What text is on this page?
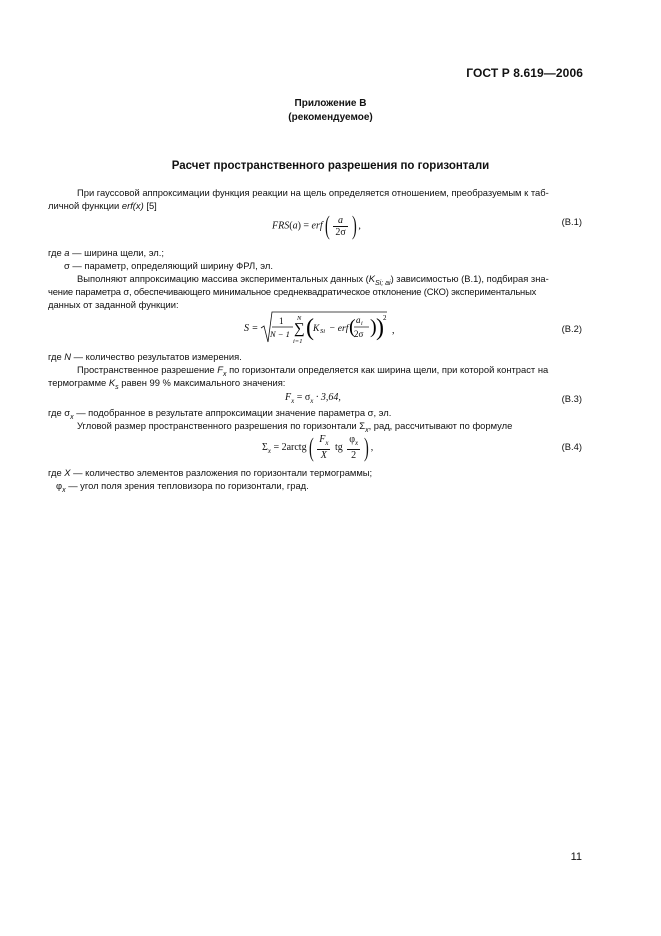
ГОСТ Р 8.619—2006
Приложение В
(рекомендуемое)
Расчет пространственного разрешения по горизонтали
При гауссовой аппроксимации функция реакции на щель определяется отношением, преобразуемым к таб-
личной функции erf(x) [5]
$FRS(a) = erf( \frac{a}{2\sigma}$ ) ,	(В.1)
где a — ширина щели, эл.;
σ — параметр, определяющий ширину ФРЛ, эл.
Выполняют аппроксимацию массива экспериментальных данных $(K_{Si; ai})$ зависимостью (В.1), подбирая зна-
чение параметра σ, обеспечивающего минимальное среднеквадратическое отклонение (СКО) экспериментальных
данных от заданной функции:
S =
1
N − 1
N
∑
i=1
( K Si − erf ( a i
2σ ) ) 2
,	(В.2)
где N — количество результатов измерения.
Пространственное разрешение $F_x$ по горизонтали определяется как ширина щели, при которой контраст на
термограмме $K_s$ равен 99 % максимального значения:
$F_x = \sigma_x \cdot 3,64$,	(В.3)
где $\sigma_x$ — подобранное в результате аппроксимации значение параметра σ, эл.
Угловой размер пространственного разрешения по горизонтали $\Sigma_x$, рад, рассчитывают по формуле
$\Sigma_x$ = 2arctg( $\frac{F_x}{X}$ tg $\frac{\varphi_x}{2}$ ) ,	(В.4)
где X — количество элементов разложения по горизонтали термограммы;
$\varphi_x$ — угол поля зрения тепловизора по горизонтали, град.
11
